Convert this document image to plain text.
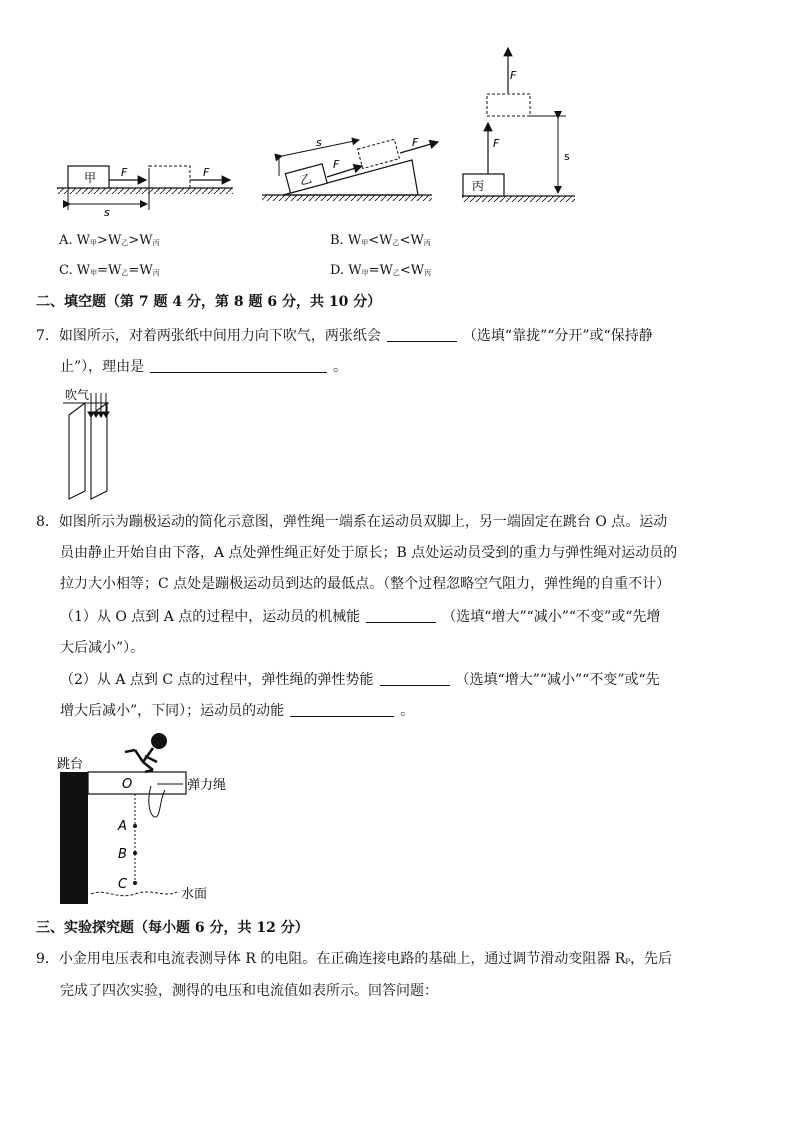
甲 F	F
s
乙
F
F
s
丙
F
F
s
A. W甲>W乙>W丙	B. W甲<W乙<W丙
C. W甲=W乙=W丙	D. W甲=W乙<W丙
二、填空题（第 7 题 4 分，第 8 题 6 分，共 10 分）
7．如图所示，对着两张纸中间用力向下吹气，两张纸会	（选填“靠拢”“分开”或“保持静
止”），理由是	。
吹气
8．如图所示为蹦极运动的简化示意图，弹性绳一端系在运动员双脚上，另一端固定在跳台 O 点。运动
员由静止开始自由下落，A 点处弹性绳正好处于原长；B 点处运动员受到的重力与弹性绳对运动员的
拉力大小相等；C 点处是蹦极运动员到达的最低点。（整个过程忽略空气阻力，弹性绳的自重不计）
（1）从 O 点到 A 点的过程中，运动员的机械能	（选填“增大”“减小”“不变”或“先增
大后减小”）。
（2）从 A 点到 C 点的过程中，弹性绳的弹性势能	（选填“增大”“减小”“不变”或“先
增大后减小”，下同）；运动员的动能	。
跳台
O	弹力绳
A
B
C
水面
三、实验探究题（每小题 6 分，共 12 分）
9．小金用电压表和电流表测导体 R 的电阻。在正确连接电路的基础上，通过调节滑动变阻器 RP，先后
完成了四次实验，测得的电压和电流值如表所示。回答问题：
